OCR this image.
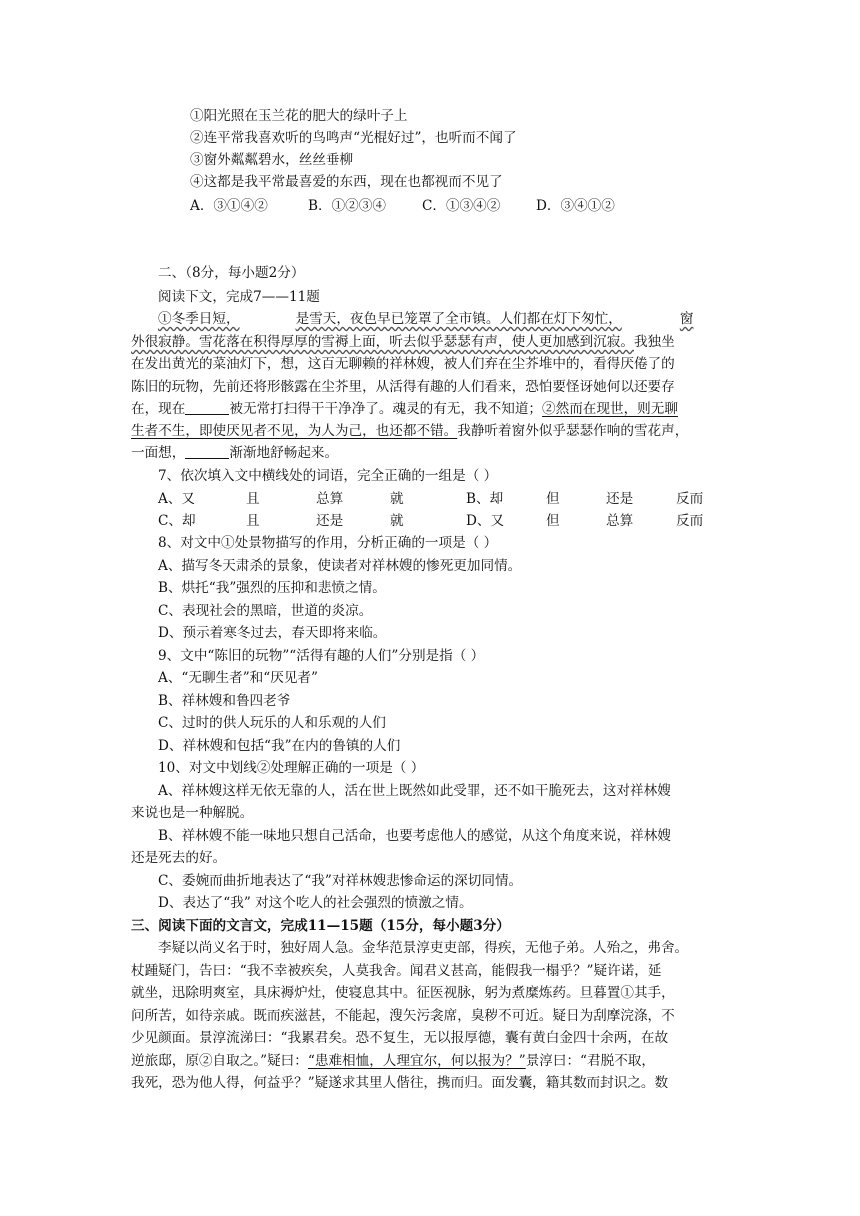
①阳光照在玉兰花的肥大的绿叶子上
②连平常我喜欢听的鸟鸣声“光棍好过”，也听而不闻了
③窗外粼粼碧水，丝丝垂柳
④这都是我平常最喜爱的东西，现在也都视而不见了
A．③①④②	B．①②③④	C．①③④②	D．③④①②
二、（8分，每小题2分）
阅读下文，完成7——11题
①冬季日短，	是雪天，夜色早已笼罩了全市镇。人们都在灯下匆忙，	窗
外很寂静。雪花落在积得厚厚的雪褥上面，听去似乎瑟瑟有声，使人更加感到沉寂。我独坐
在发出黄光的菜油灯下，想，这百无聊赖的祥林嫂，被人们弃在尘芥堆中的，看得厌倦了的
陈旧的玩物，先前还将形骸露在尘芥里，从活得有趣的人们看来，恐怕要怪讶她何以还要存
在，现在	被无常打扫得干干净净了。魂灵的有无，我不知道；②然而在现世，则无聊
生者不生，即使厌见者不见，为人为己，也还都不错。我静听着窗外似乎瑟瑟作响的雪花声，
一面想，	渐渐地舒畅起来。
7、依次填入文中横线处的词语，完全正确的一组是（ ）
A、又	且	总算	就	B、却	但	还是	反而
C、却	且	还是	就	D、又	但	总算	反而
8、对文中①处景物描写的作用，分析正确的一项是（ ）
A、描写冬天肃杀的景象，使读者对祥林嫂的惨死更加同情。
B、烘托“我”强烈的压抑和悲愤之情。
C、表现社会的黑暗，世道的炎凉。
D、预示着寒冬过去，春天即将来临。
9、文中“陈旧的玩物”“活得有趣的人们”分别是指（ ）
A、“无聊生者”和“厌见者”
B、祥林嫂和鲁四老爷
C、过时的供人玩乐的人和乐观的人们
D、祥林嫂和包括“我”在内的鲁镇的人们
10、对文中划线②处理解正确的一项是（ ）
A、祥林嫂这样无依无靠的人，活在世上既然如此受罪，还不如干脆死去，这对祥林嫂
来说也是一种解脱。
B、祥林嫂不能一味地只想自己活命，也要考虑他人的感觉，从这个角度来说，祥林嫂
还是死去的好。
C、委婉而曲折地表达了“我”对祥林嫂悲惨命运的深切同情。
D、表达了“我” 对这个吃人的社会强烈的愤激之情。
三、阅读下面的文言文，完成11—15题（15分，每小题3分）
李疑以尚义名于时，独好周人急。金华范景淳吏吏部，得疾，无他子弟。人殆之，弗舍。
杖踵疑门，告曰：“我不幸被疾矣，人莫我舍。闻君义甚高，能假我一榻乎？”疑许诺，延
就坐，迅除明爽室，具床褥炉灶，使寝息其中。征医视脉，躬为煮糜炼药。旦暮置①其手，
问所苦，如待亲戚。既而疾滋甚，不能起，溲矢污衾席，臭秽不可近。疑日为刮摩浣涤，不
少见颜面。景淳流涕曰：“我累君矣。恐不复生，无以报厚德，囊有黄白金四十余两，在故
逆旅邸，原②自取之。”疑曰：“患难相恤，人理宜尔，何以报为？”景淳曰：“君脱不取，
我死，恐为他人得，何益乎？”疑遂求其里人偕往，携而归。面发囊，籍其数而封识之。数
